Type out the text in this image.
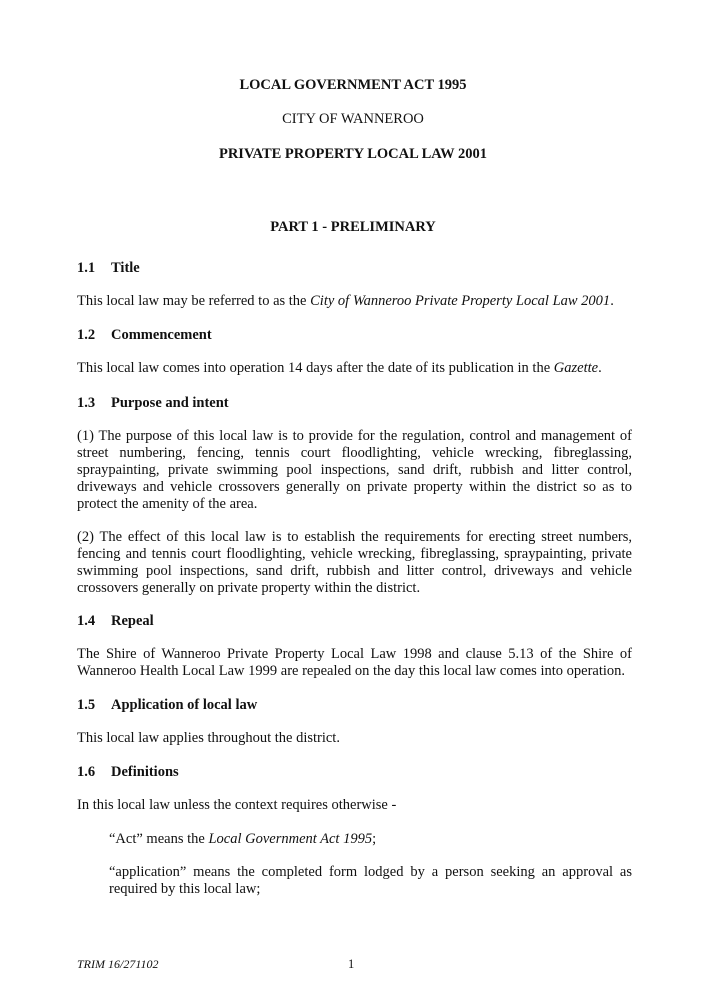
LOCAL GOVERNMENT ACT 1995
CITY OF WANNEROO
PRIVATE PROPERTY LOCAL LAW 2001
PART 1 - PRELIMINARY
1.1 Title
This local law may be referred to as the City of Wanneroo Private Property Local Law 2001.
1.2 Commencement
This local law comes into operation 14 days after the date of its publication in the Gazette.
1.3 Purpose and intent
(1) The purpose of this local law is to provide for the regulation, control and management of street numbering, fencing, tennis court floodlighting, vehicle wrecking, fibreglassing, spraypainting, private swimming pool inspections, sand drift, rubbish and litter control, driveways and vehicle crossovers generally on private property within the district so as to protect the amenity of the area.
(2) The effect of this local law is to establish the requirements for erecting street numbers, fencing and tennis court floodlighting, vehicle wrecking, fibreglassing, spraypainting, private swimming pool inspections, sand drift, rubbish and litter control, driveways and vehicle crossovers generally on private property within the district.
1.4 Repeal
The Shire of Wanneroo Private Property Local Law 1998 and clause 5.13 of the Shire of Wanneroo Health Local Law 1999 are repealed on the day this local law comes into operation.
1.5 Application of local law
This local law applies throughout the district.
1.6 Definitions
In this local law unless the context requires otherwise -
“Act” means the Local Government Act 1995;
“application” means the completed form lodged by a person seeking an approval as required by this local law;
TRIM 16/271102	1
